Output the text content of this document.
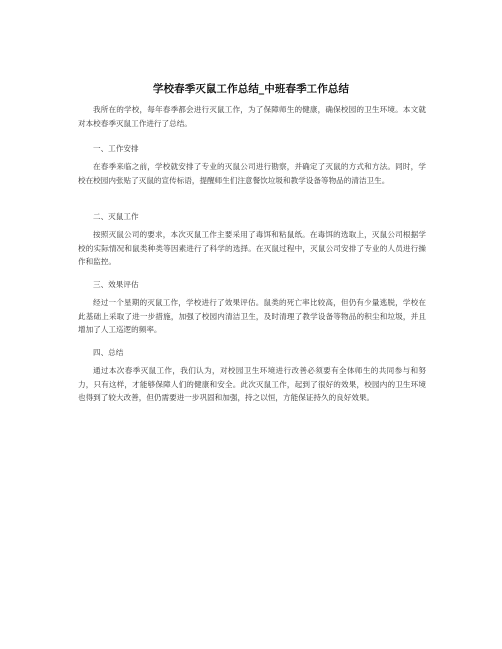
学校春季灭鼠工作总结_中班春季工作总结
我所在的学校，每年春季都会进行灭鼠工作，为了保障师生的健康，确保校园的卫生环境。本文就对本校春季灭鼠工作进行了总结。
一、工作安排
在春季来临之前，学校就安排了专业的灭鼠公司进行勘察，并确定了灭鼠的方式和方法。同时，学校在校园内张贴了灭鼠的宣传标语，提醒师生们注意餐饮垃圾和教学设备等物品的清洁卫生。
二、灭鼠工作
按照灭鼠公司的要求，本次灭鼠工作主要采用了毒饵和粘鼠纸。在毒饵的选取上，灭鼠公司根据学校的实际情况和鼠类种类等因素进行了科学的选择。在灭鼠过程中，灭鼠公司安排了专业的人员进行操作和监控。
三、效果评估
经过一个星期的灭鼠工作，学校进行了效果评估。鼠类的死亡率比较高，但仍有少量逃脱，学校在此基础上采取了进一步措施，加强了校园内清洁卫生，及时清理了教学设备等物品的积尘和垃圾，并且增加了人工巡逻的频率。
四、总结
通过本次春季灭鼠工作，我们认为，对校园卫生环境进行改善必须要有全体师生的共同参与和努力，只有这样，才能够保障人们的健康和安全。此次灭鼠工作，起到了很好的效果，校园内的卫生环境也得到了较大改善，但仍需要进一步巩固和加强，持之以恒，方能保证持久的良好效果。
